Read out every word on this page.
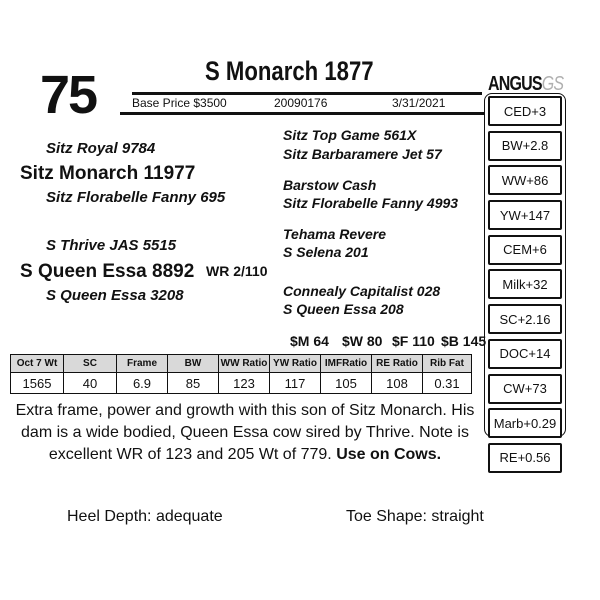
75	S Monarch 1877
Base Price $3500	20090176	3/31/2021
Sitz Royal 9784
Sitz Monarch 11977
Sitz Florabelle Fanny 695
S Thrive JAS 5515
S Queen Essa 8892 WR 2/110
S Queen Essa 3208
Sitz Top Game 561X
Sitz Barbaramere Jet 57
Barstow Cash
Sitz Florabelle Fanny 4993
Tehama Revere
S Selena 201
Connealy Capitalist 028
S Queen Essa 208
$M 64 $W 80 $F 110 $B 145
Oct 7 Wt	SC	Frame	BW	WW Ratio	YW Ratio	IMFRatio	RE Ratio	Rib Fat
1565	40	6.9	85	123	117	105	108	0.31
ANGUSGS
CED+3
BW+2.8
WW+86
YW+147
CEM+6
Milk+32
SC+2.16
DOC+14
CW+73
Marb+0.29
RE+0.56
Extra frame, power and growth with this son of Sitz Monarch. His dam is a wide bodied, Queen Essa cow sired by Thrive. Note is excellent WR of 123 and 205 Wt of 779. Use on Cows.
Heel Depth: adequate	Toe Shape: straight
